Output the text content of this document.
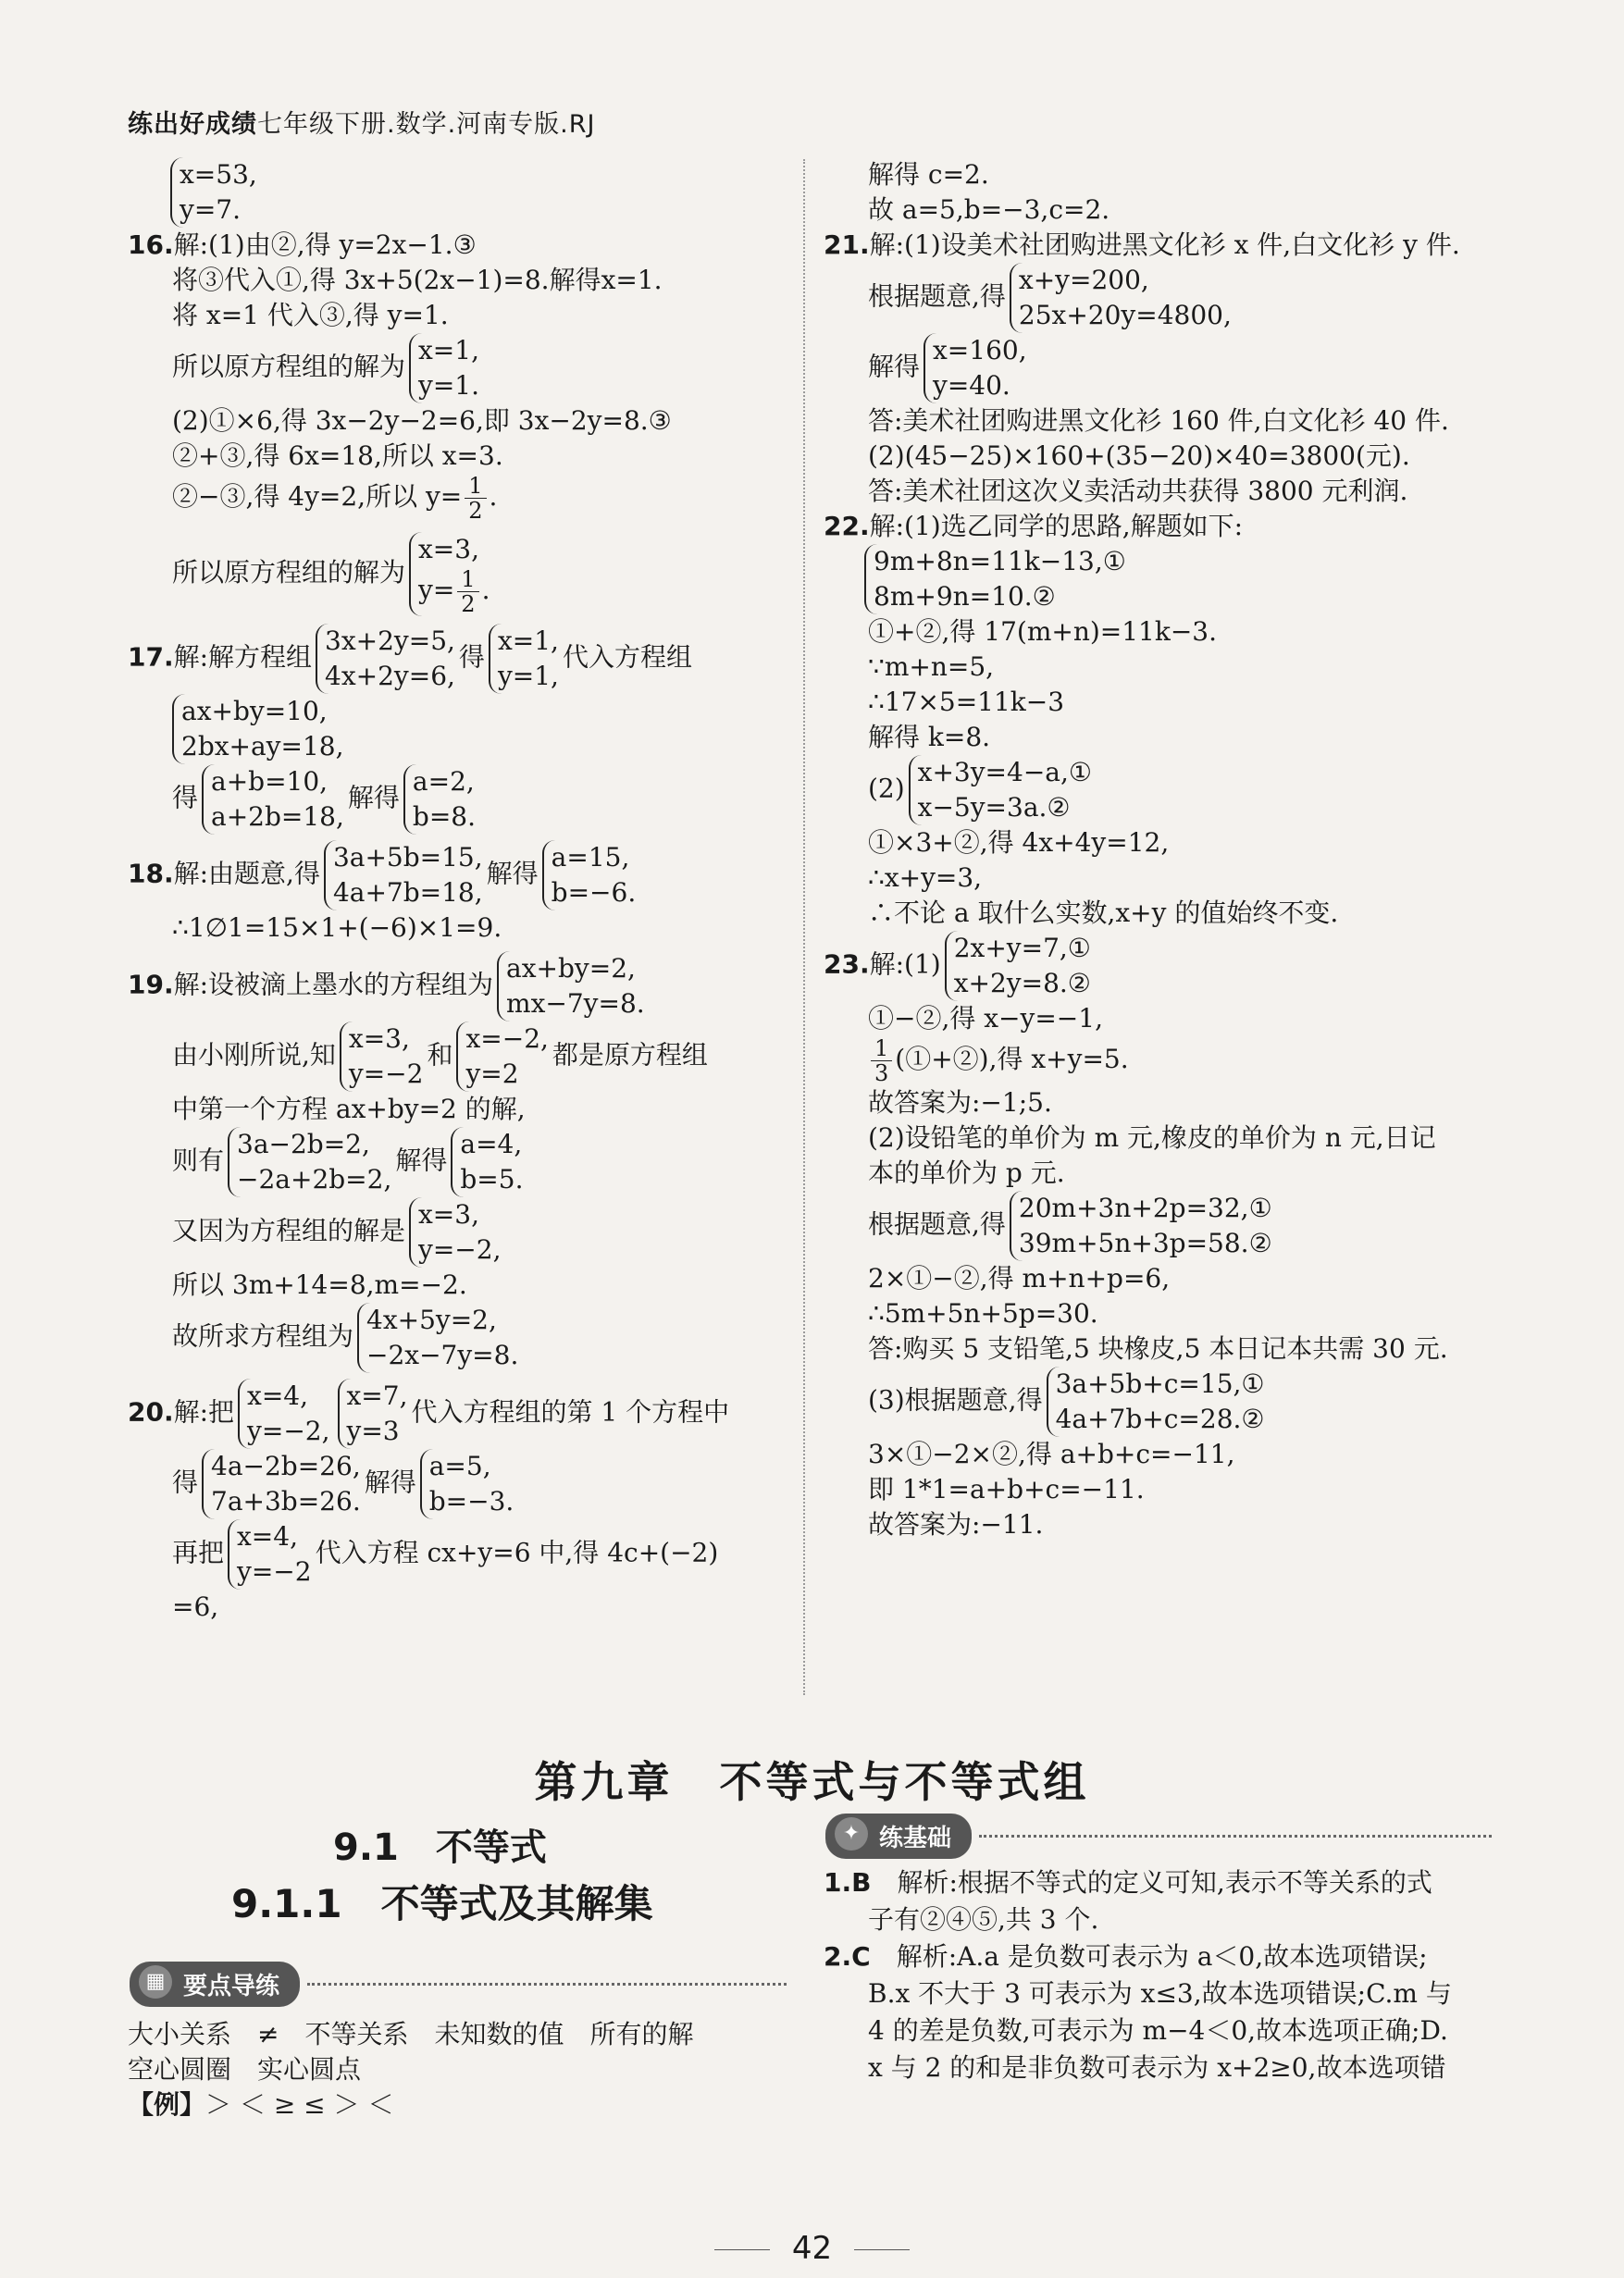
练出好成绩七年级下册.数学.河南专版.RJ
x=53,
y=7.
16.解:(1)由②,得 y=2x−1.③
将③代入①,得 3x+5(2x−1)=8.解得x=1.
将 x=1 代入③,得 y=1.
所以原方程组的解为
x=1,
y=1.
(2)①×6,得 3x−2y−2=6,即 3x−2y=8.③
②+③,得 6x=18,所以 x=3.
②−③,得 4y=2,所以 $y= \frac{1}{2}$ .
所以原方程组的解为
x=3,
$y= \frac{1}{2}$ .
17.解:解方程组
3x+2y=5,
4x+2y=6,
得
x=1,
y=1,
代入方程组
ax+by=10,
2bx+ay=18,
得
a+b=10,
a+2b=18,
解得
a=2,
b=8.
18.解:由题意,得
3a+5b=15,
4a+7b=18,
解得
a=15,
b=−6.
∴1∅1=15×1+(−6)×1=9.
19.解:设被滴上墨水的方程组为
ax+by=2,
mx−7y=8.
由小刚所说,知
x=3,
y=−2
和
x=−2,
y=2
都是原方程组
中第一个方程 ax+by=2 的解,
则有
3a−2b=2,
−2a+2b=2,
解得
a=4,
b=5.
又因为方程组的解是
x=3,
y=−2,
所以 3m+14=8,m=−2.
故所求方程组为
4x+5y=2,
−2x−7y=8.
20.解:把
x=4,
y=−2,
x=7,
y=3
代入方程组的第 1 个方程中
得
4a−2b=26,
7a+3b=26.
解得
a=5,
b=−3.
再把
x=4,
y=−2
代入方程 cx+y=6 中,得 4c+(−2)
=6,
解得 c=2.
故 a=5,b=−3,c=2.
21.解:(1)设美术社团购进黑文化衫 x 件,白文化衫 y 件.
根据题意,得
x+y=200,
25x+20y=4800,
解得
x=160,
y=40.
答:美术社团购进黑文化衫 160 件,白文化衫 40 件.
(2)(45−25)×160+(35−20)×40=3800(元).
答:美术社团这次义卖活动共获得 3800 元利润.
22.解:(1)选乙同学的思路,解题如下:
9m+8n=11k−13,①
8m+9n=10.②
①+②,得 17(m+n)=11k−3.
∵m+n=5,
∴17×5=11k−3
解得 k=8.
(2)
x+3y=4−a,①
x−5y=3a.②
①×3+②,得 4x+4y=12,
∴x+y=3,
∴不论 a 取什么实数,x+y 的值始终不变.
23.解:(1)
2x+y=7,①
x+2y=8.②
①−②,得 x−y=−1,
$\frac{1}{3}$ (①+②),得 x+y=5.
故答案为:−1;5.
(2)设铅笔的单价为 m 元,橡皮的单价为 n 元,日记
本的单价为 p 元.
根据题意,得
20m+3n+2p=32,①
39m+5n+3p=58.②
2×①−②,得 m+n+p=6,
∴5m+5n+5p=30.
答:购买 5 支铅笔,5 块橡皮,5 本日记本共需 30 元.
(3)根据题意,得
3a+5b+c=15,①
4a+7b+c=28.②
3×①−2×②,得 a+b+c=−11,
即 1*1=a+b+c=−11.
故答案为:−11.
第九章　不等式与不等式组
9.1　不等式
9.1.1　不等式及其解集
▦ 要点导练
大小关系　≠　不等关系　未知数的值　所有的解
空心圆圈　实心圆点
【例】＞ ＜ ≥ ≤ ＞ ＜
✦ 练基础
1.B　 解析:根据不等式的定义可知,表示不等关系的式
子有②④⑤,共 3 个.
2.C　 解析:A.a 是负数可表示为 a＜0,故本选项错误;
B.x 不大于 3 可表示为 x≤3,故本选项错误;C.m 与
4 的差是负数,可表示为 m−4＜0,故本选项正确;D.
x 与 2 的和是非负数可表示为 x+2≥0,故本选项错
42
